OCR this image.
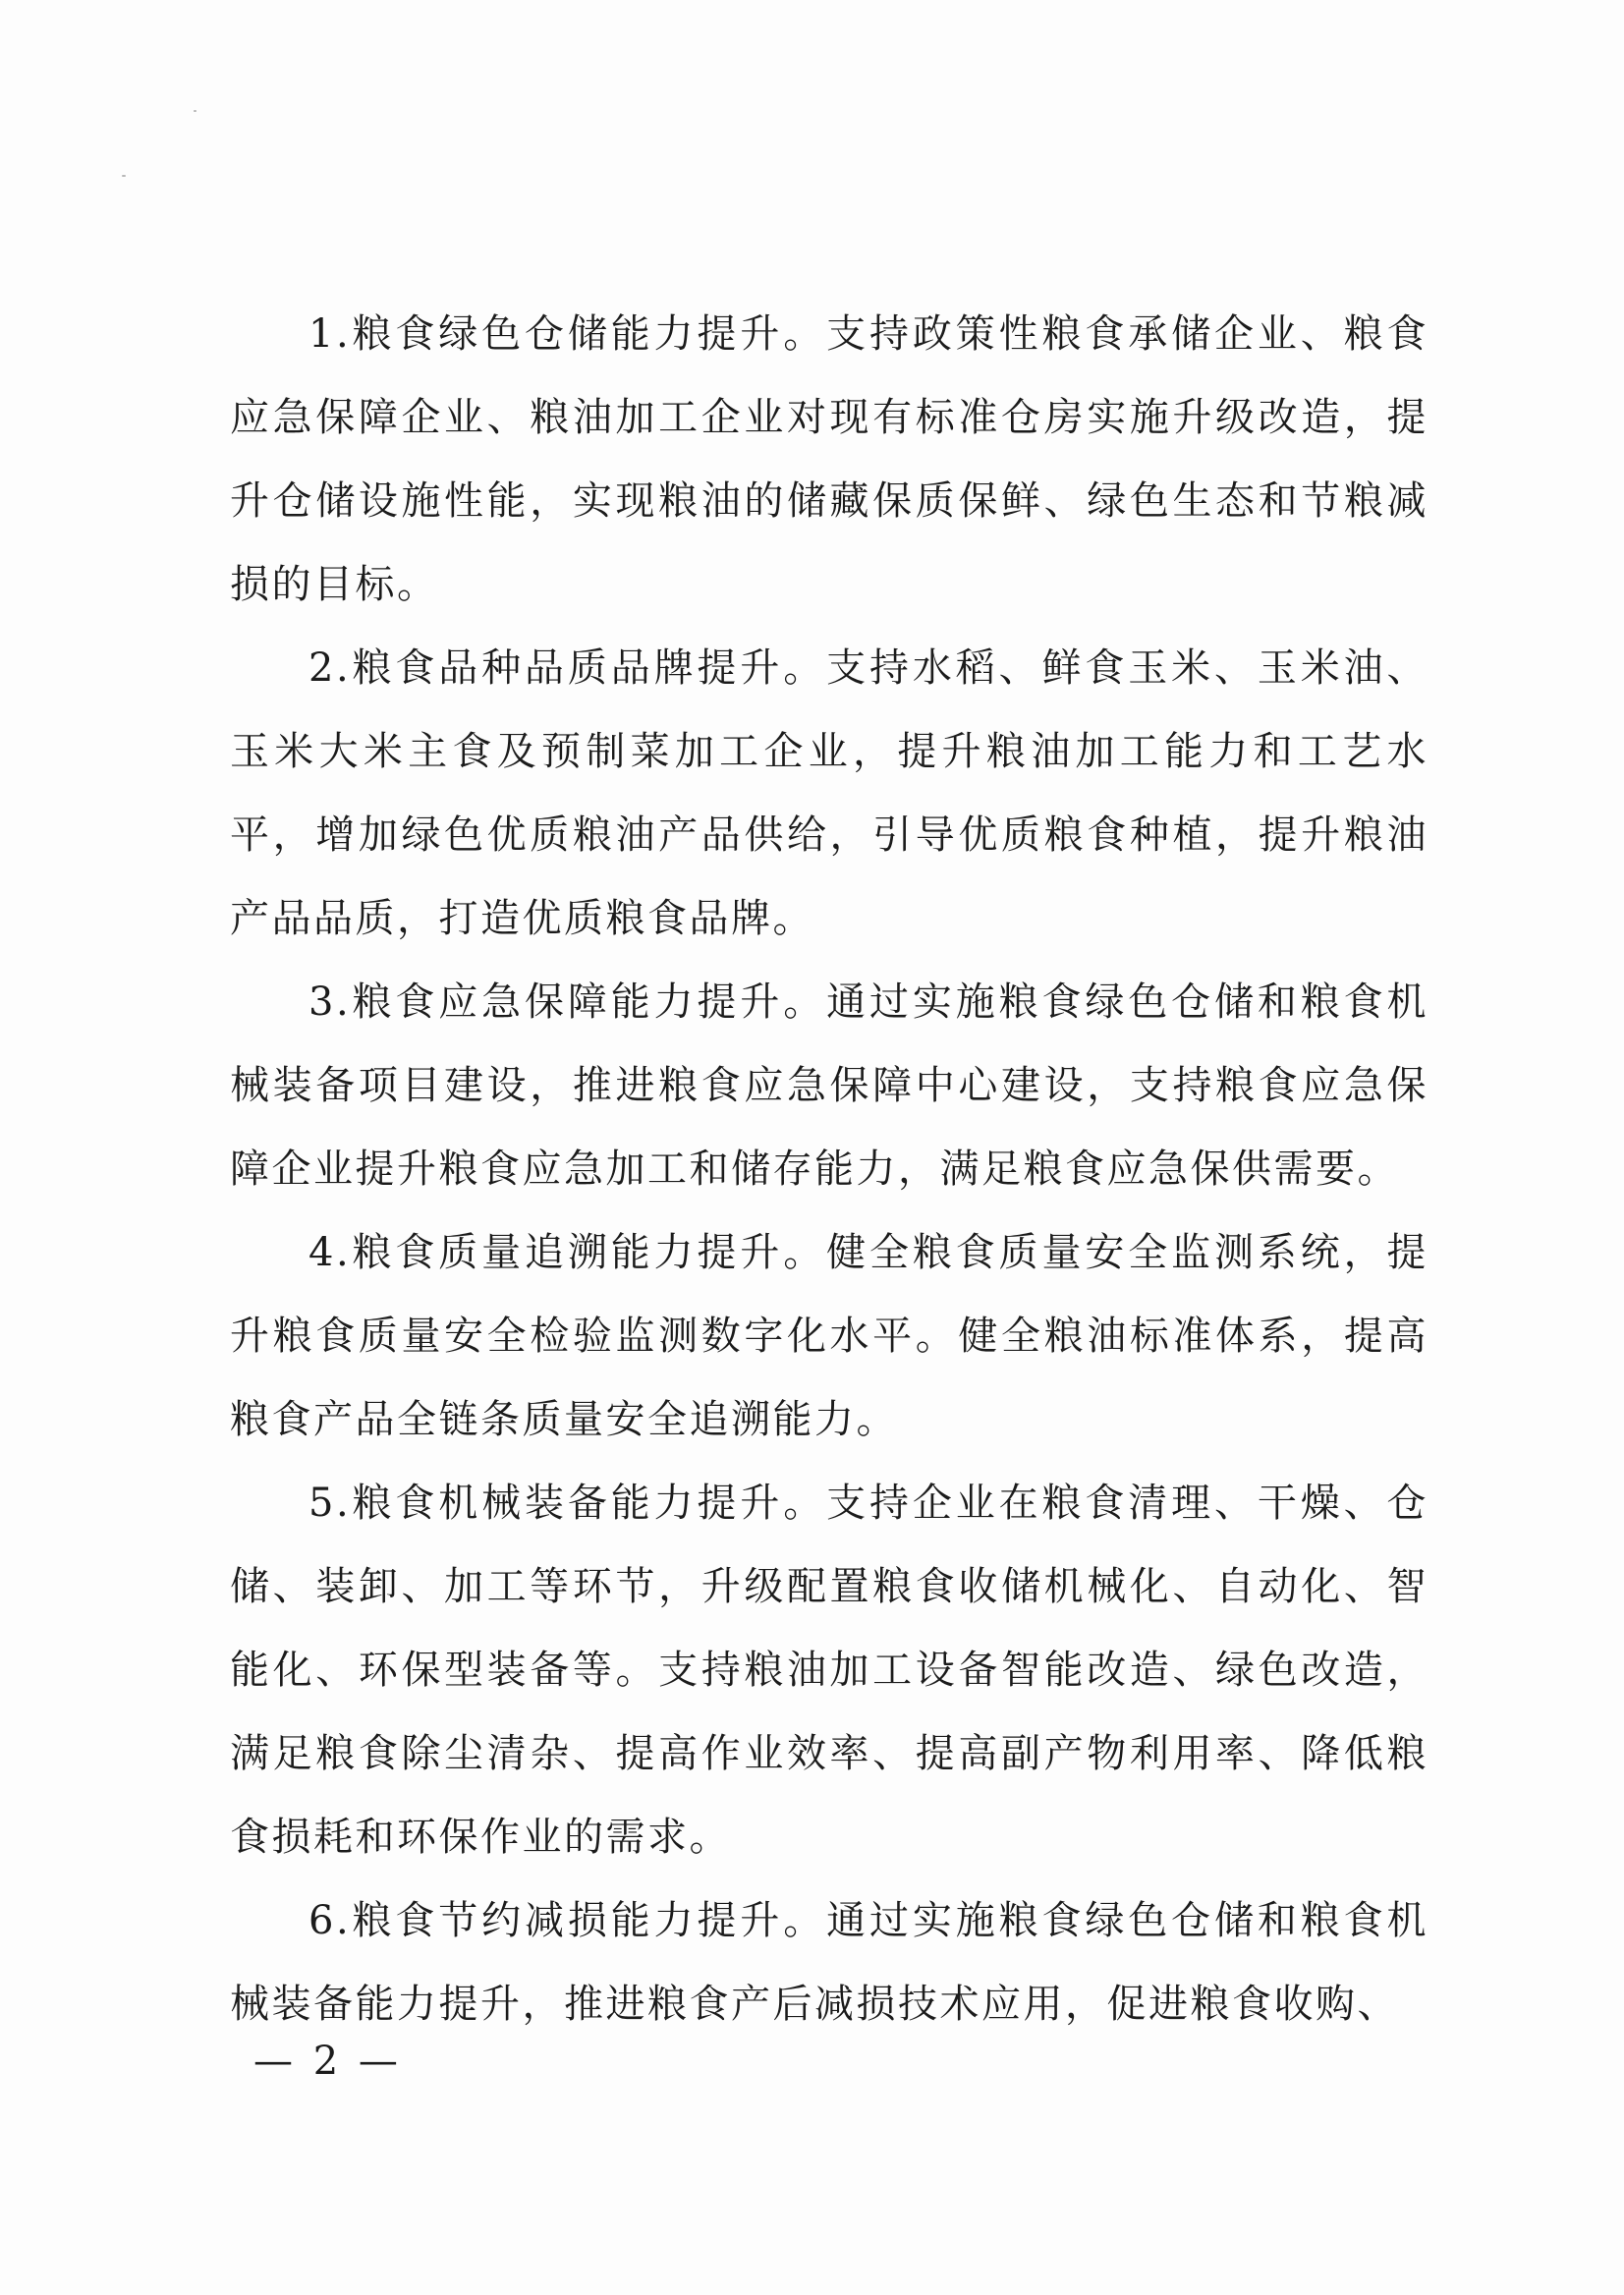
1.粮食绿色仓储能力提升。支持政策性粮食承储企业、粮食应急保障企业、粮油加工企业对现有标准仓房实施升级改造，提升仓储设施性能，实现粮油的储藏保质保鲜、绿色生态和节粮减损的目标。

2.粮食品种品质品牌提升。支持水稻、鲜食玉米、玉米油、玉米大米主食及预制菜加工企业，提升粮油加工能力和工艺水平，增加绿色优质粮油产品供给，引导优质粮食种植，提升粮油产品品质，打造优质粮食品牌。

3.粮食应急保障能力提升。通过实施粮食绿色仓储和粮食机械装备项目建设，推进粮食应急保障中心建设，支持粮食应急保障企业提升粮食应急加工和储存能力，满足粮食应急保供需要。

4.粮食质量追溯能力提升。健全粮食质量安全监测系统，提升粮食质量安全检验监测数字化水平。健全粮油标准体系，提高粮食产品全链条质量安全追溯能力。

5.粮食机械装备能力提升。支持企业在粮食清理、干燥、仓储、装卸、加工等环节，升级配置粮食收储机械化、自动化、智能化、环保型装备等。支持粮油加工设备智能改造、绿色改造，满足粮食除尘清杂、提高作业效率、提高副产物利用率、降低粮食损耗和环保作业的需求。

6.粮食节约减损能力提升。通过实施粮食绿色仓储和粮食机械装备能力提升，推进粮食产后减损技术应用，促进粮食收购、

— 2 —
